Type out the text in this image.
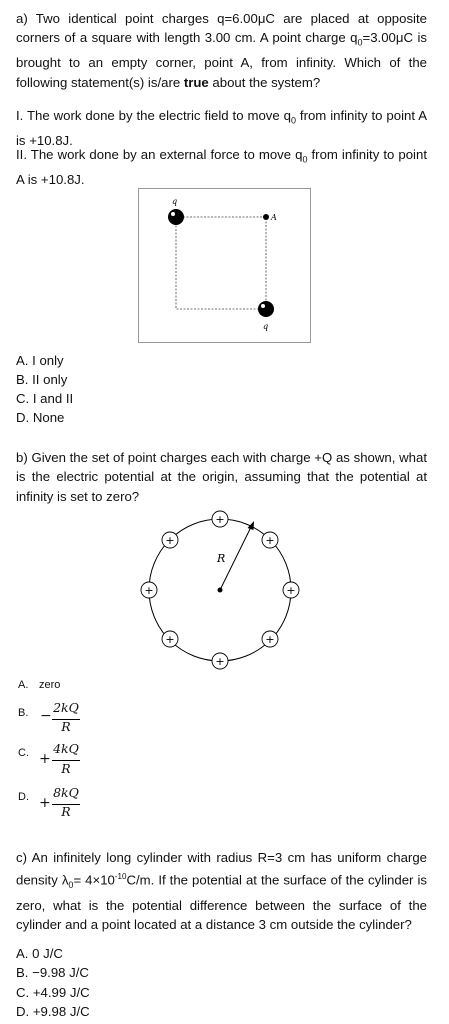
a) Two identical point charges q=6.00μC are placed at opposite corners of a square with length 3.00 cm. A point charge $q_0=3.00\mu C$ is brought to an empty corner, point A, from infinity. Which of the following statement(s) is/are true about the system?
I. The work done by the electric field to move $q_0$ from infinity to point A is +10.8J.
II. The work done by an external force to move $q_0$ from infinity to point A is +10.8J.
q
A
q
A. I only
B. II only
C. I and II
D. None
b) Given the set of point charges each with charge +Q as shown, what is the electric potential at the origin, assuming that the potential at infinity is set to zero?
R
+
+	+
+	+
+	+
+
A. zero
B. −
2kQ
R
C. +
4kQ
R
D. +
8kQ
R
c) An infinitely long cylinder with radius R=3 cm has uniform charge density $\lambda_0= 4\times 10^{-10}C/m$. If the potential at the surface of the cylinder is zero, what is the potential difference between the surface of the cylinder and a point located at a distance 3 cm outside the cylinder?
A. 0 J/C
B. −9.98 J/C
C. +4.99 J/C
D. +9.98 J/C
